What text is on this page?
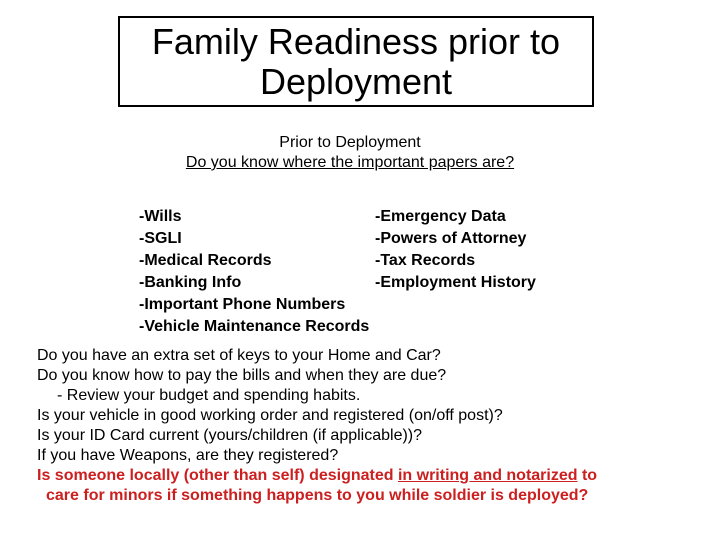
Family Readiness prior to
Deployment
Prior to Deployment
Do you know where the important papers are?
-Wills	-Emergency Data
-SGLI	-Powers of Attorney
-Medical Records	-Tax Records
-Banking Info	-Employment History
-Important Phone Numbers
-Vehicle Maintenance Records
Do you have an extra set of keys to your Home and Car?
Do you know how to pay the bills and when they are due?
- Review your budget and spending habits.
Is your vehicle in good working order and registered (on/off post)?
Is your ID Card current (yours/children (if applicable))?
If you have Weapons, are they registered?
Is someone locally (other than self) designated in writing and notarized to
care for minors if something happens to you while soldier is deployed?
